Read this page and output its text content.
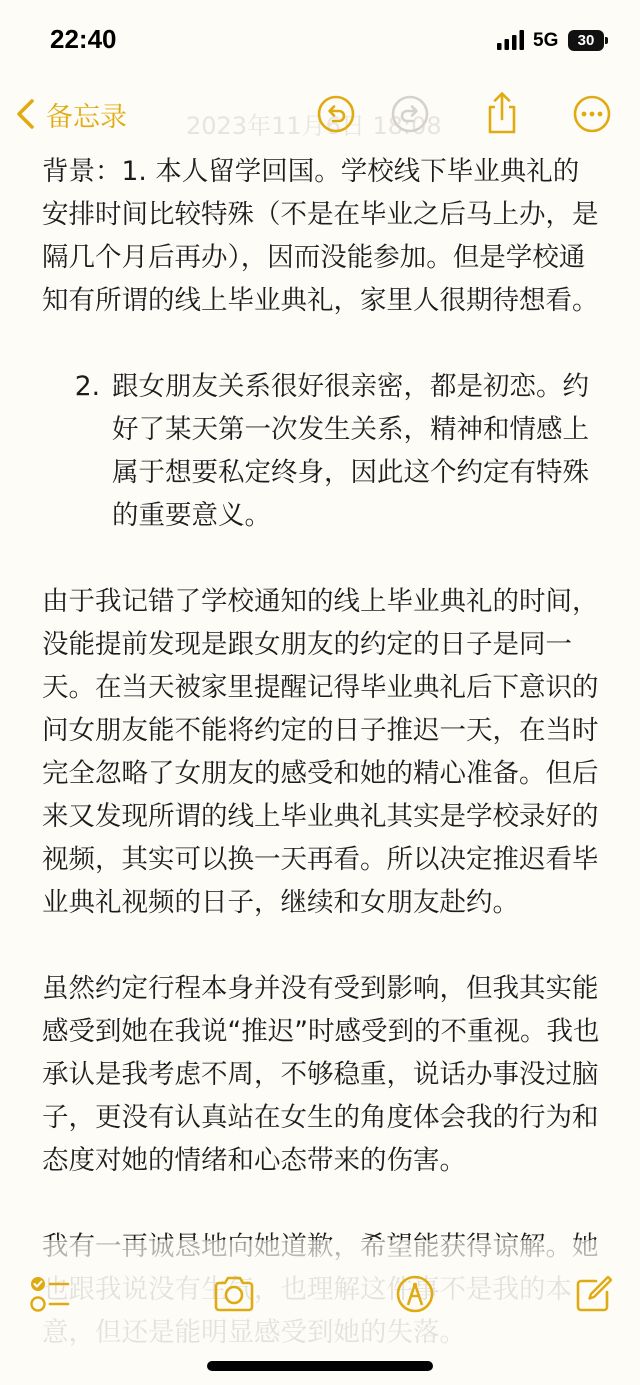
22:40	5G	30
2023年11月6日 18:08
备忘录

背景：1. 本人留学回国。学校线下毕业典礼的安排时间比较特殊（不是在毕业之后马上办，是隔几个月后再办），因而没能参加。但是学校通知有所谓的线上毕业典礼，家里人很期待想看。

2. 跟女朋友关系很好很亲密，都是初恋。约好了某天第一次发生关系，精神和情感上属于想要私定终身，因此这个约定有特殊的重要意义。

由于我记错了学校通知的线上毕业典礼的时间，没能提前发现是跟女朋友的约定的日子是同一天。在当天被家里提醒记得毕业典礼后下意识的问女朋友能不能将约定的日子推迟一天，在当时完全忽略了女朋友的感受和她的精心准备。但后来又发现所谓的线上毕业典礼其实是学校录好的视频，其实可以换一天再看。所以决定推迟看毕业典礼视频的日子，继续和女朋友赴约。

虽然约定行程本身并没有受到影响，但我其实能感受到她在我说“推迟”时感受到的不重视。我也承认是我考虑不周，不够稳重，说话办事没过脑子，更没有认真站在女生的角度体会我的行为和态度对她的情绪和心态带来的伤害。
